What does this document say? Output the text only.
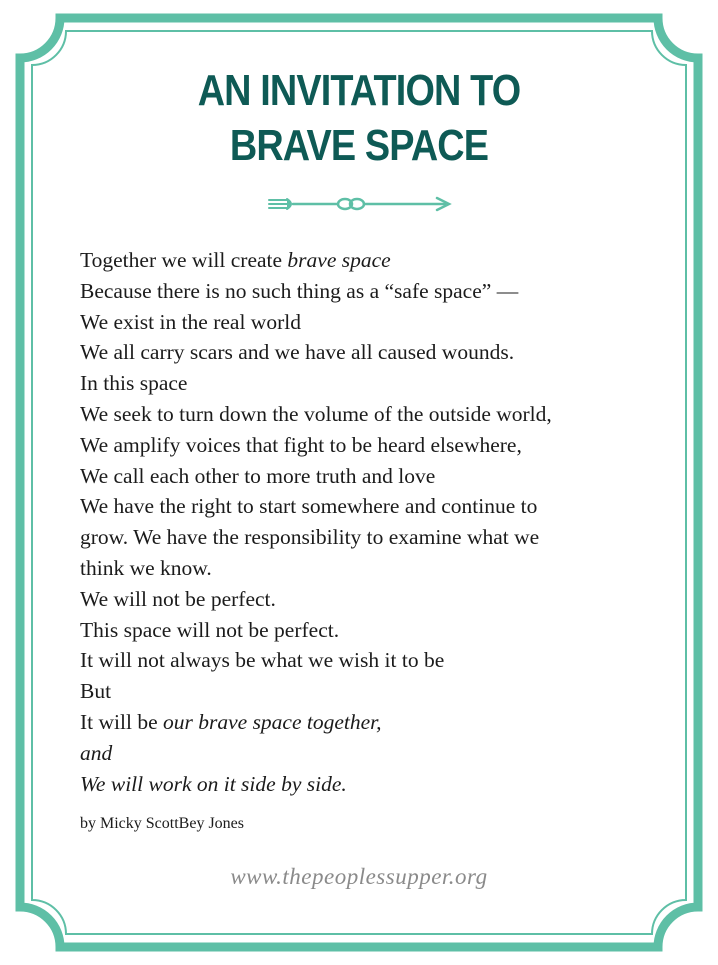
AN INVITATION TO
BRAVE SPACE
Together we will create brave space
Because there is no such thing as a “safe space” —
We exist in the real world
We all carry scars and we have all caused wounds.
In this space
We seek to turn down the volume of the outside world,
We amplify voices that fight to be heard elsewhere,
We call each other to more truth and love
We have the right to start somewhere and continue to
grow. We have the responsibility to examine what we
think we know.
We will not be perfect.
This space will not be perfect.
It will not always be what we wish it to be
But
It will be our brave space together,
and
We will work on it side by side.
by Micky ScottBey Jones
www.thepeoplessupper.org
